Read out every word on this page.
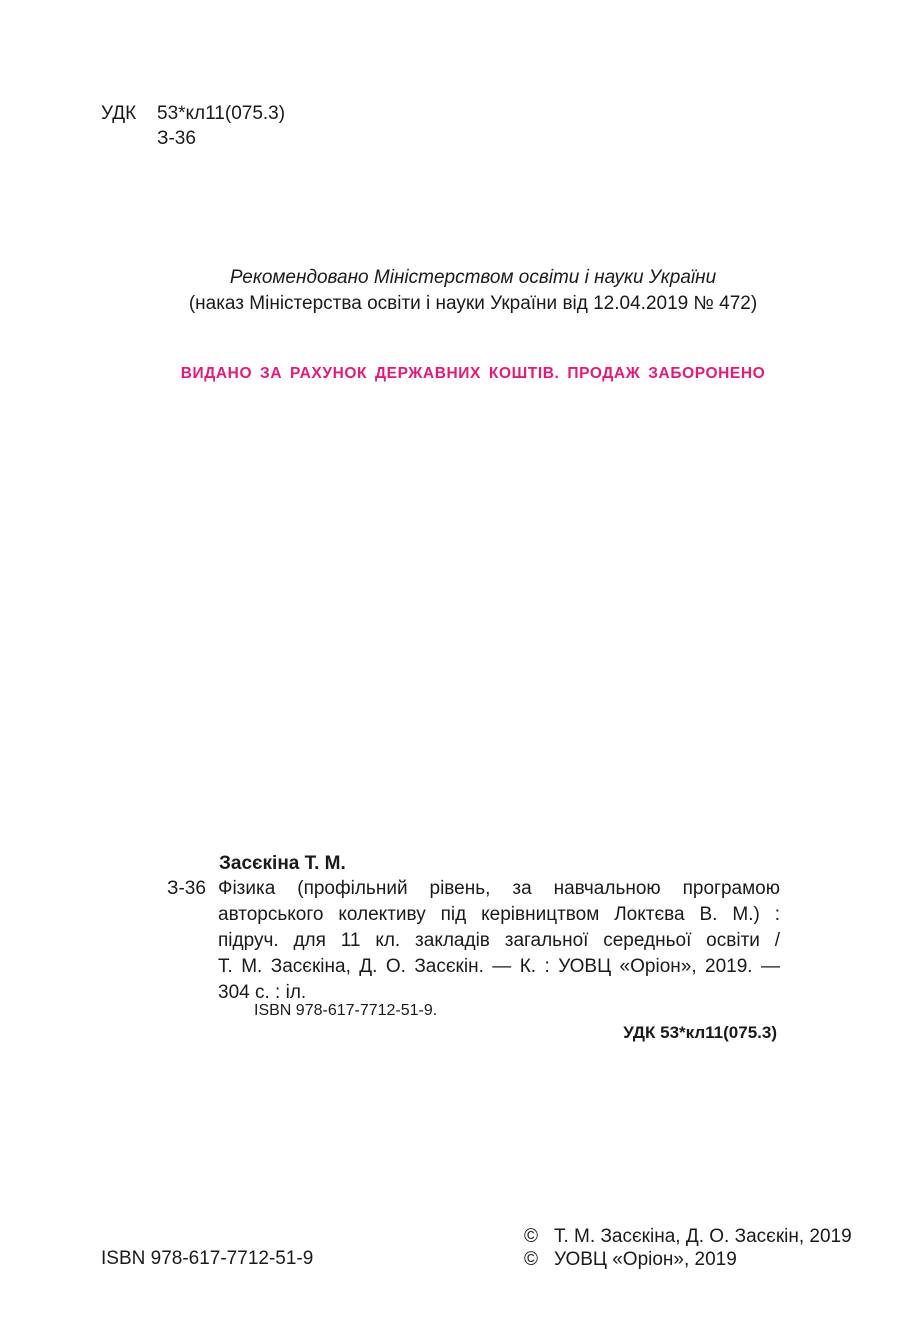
УДК 53*кл11(075.3)
З-36
Рекомендовано Міністерством освіти і науки України
(наказ Міністерства освіти і науки України від 12.04.2019 № 472)
ВИДАНО ЗА РАХУНОК ДЕРЖАВНИХ КОШТІВ. ПРОДАЖ ЗАБОРОНЕНО
Засєкіна Т. М.
З-36 Фізика (профільний рівень, за навчальною програмою
авторського колективу під керівництвом Локтєва В. М.) :
підруч. для 11 кл. закладів загальної середньої освіти /
Т. М. Засєкіна, Д. О. Засєкін. — К. : УОВЦ «Оріон», 2019. —
304 с. : іл.
ISBN 978-617-7712-51-9.
УДК 53*кл11(075.3)
ISBN 978-617-7712-51-9
© Т. М. Засєкіна, Д. О. Засєкін, 2019
© УОВЦ «Оріон», 2019
